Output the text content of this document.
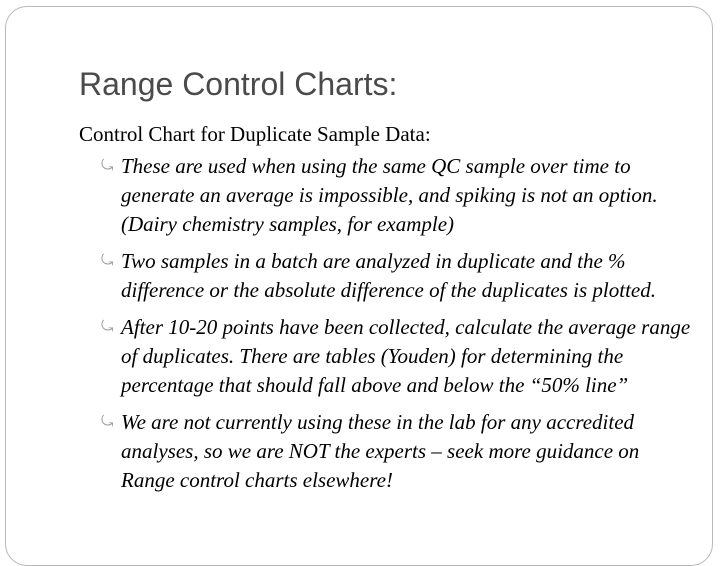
Range Control Charts:
Control Chart for Duplicate Sample Data:
⤿ These are used when using the same QC sample over time to generate an average is impossible, and spiking is not an option. (Dairy chemistry samples, for example)
⤿ Two samples in a batch are analyzed in duplicate and the % difference or the absolute difference of the duplicates is plotted.
⤿ After 10-20 points have been collected, calculate the average range of duplicates. There are tables (Youden) for determining the percentage that should fall above and below the “50% line”
⤿ We are not currently using these in the lab for any accredited analyses, so we are NOT the experts – seek more guidance on Range control charts elsewhere!
